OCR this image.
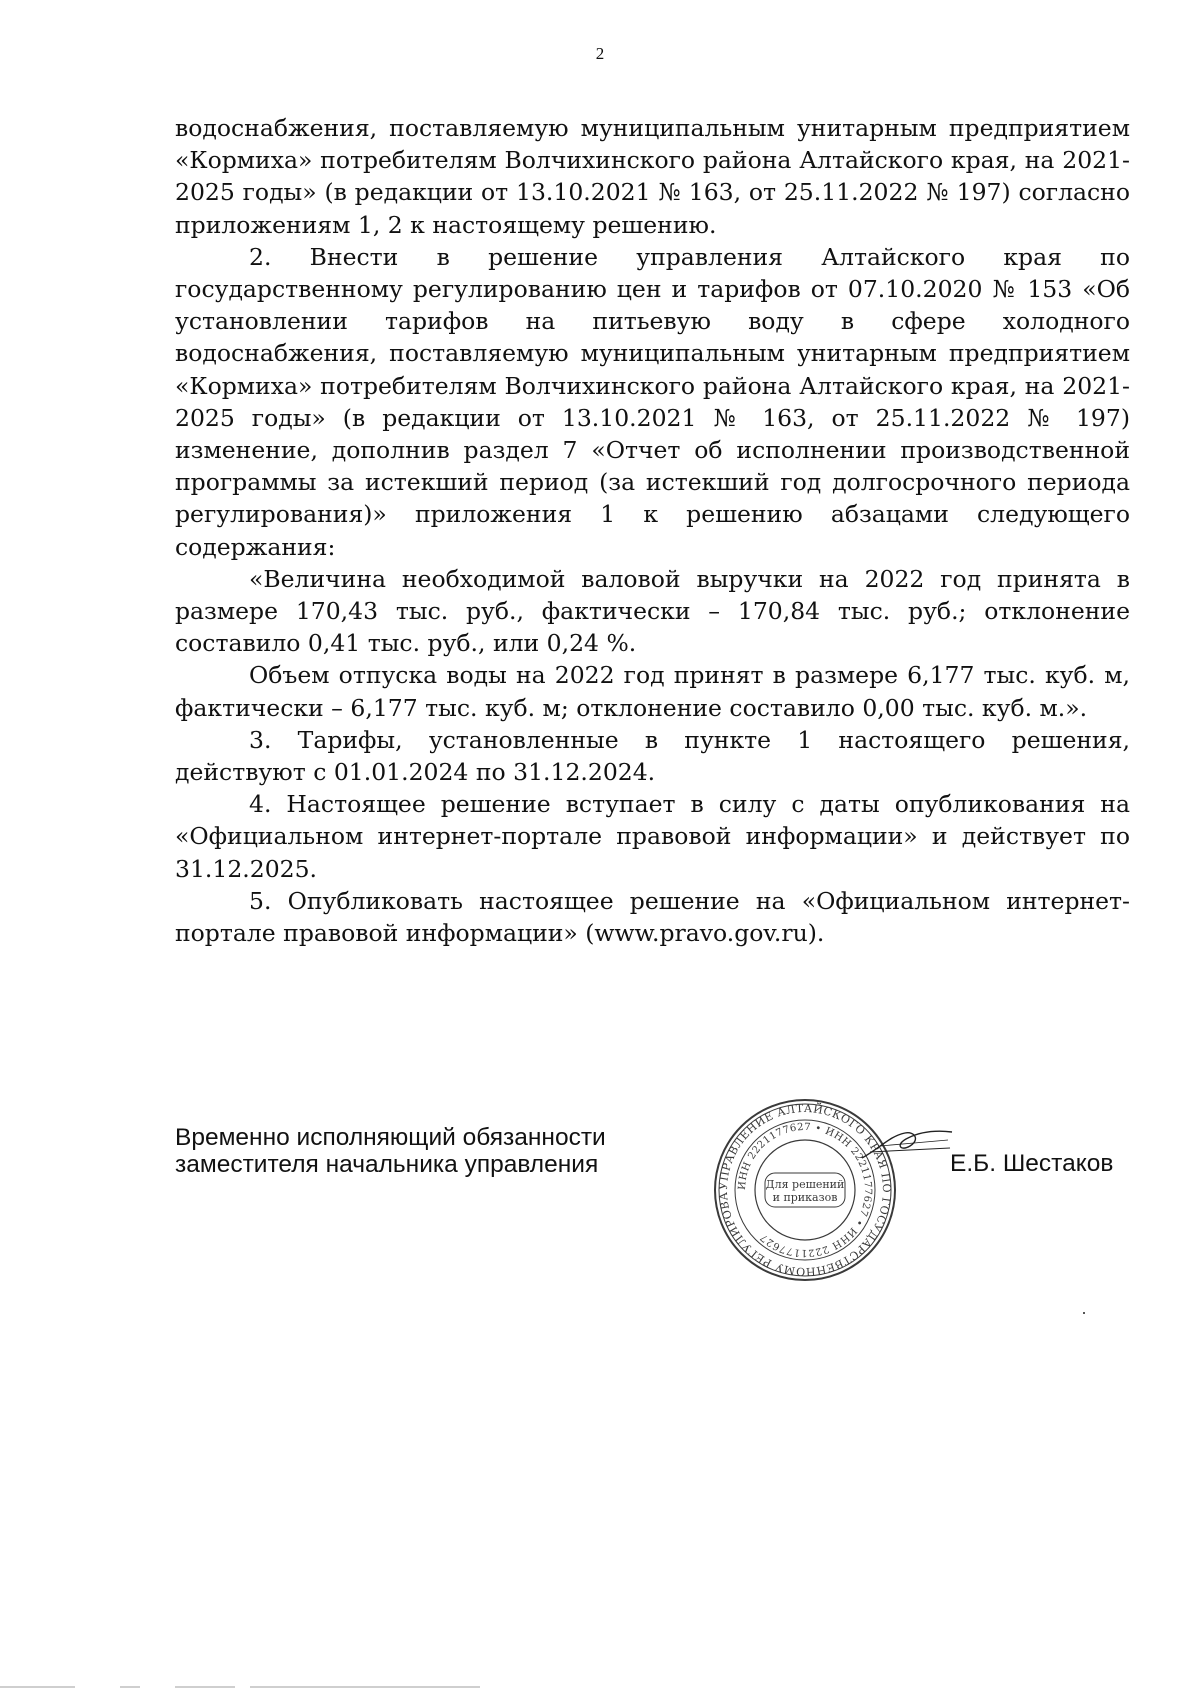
2

водоснабжения, поставляемую муниципальным унитарным предприятием «Кормиха» потребителям Волчихинского района Алтайского края, на 2021-2025 годы» (в редакции от 13.10.2021 № 163, от 25.11.2022 № 197) согласно приложениям 1, 2 к настоящему решению.

2. Внести в решение управления Алтайского края по государственному регулированию цен и тарифов от 07.10.2020 № 153 «Об установлении тарифов на питьевую воду в сфере холодного водоснабжения, поставляемую муниципальным унитарным предприятием «Кормиха» потребителям Волчихинского района Алтайского края, на 2021-2025 годы» (в редакции от 13.10.2021 № 163, от 25.11.2022 № 197) изменение, дополнив раздел 7 «Отчет об исполнении производственной программы за истекший период (за истекший год долгосрочного периода регулирования)» приложения 1 к решению абзацами следующего содержания:

«Величина необходимой валовой выручки на 2022 год принята в размере 170,43 тыс. руб., фактически – 170,84 тыс. руб.; отклонение составило 0,41 тыс. руб., или 0,24 %.

Объем отпуска воды на 2022 год принят в размере 6,177 тыс. куб. м, фактически – 6,177 тыс. куб. м; отклонение составило 0,00 тыс. куб. м.».

3. Тарифы, установленные в пункте 1 настоящего решения, действуют с 01.01.2024 по 31.12.2024.

4. Настоящее решение вступает в силу с даты опубликования на «Официальном интернет-портале правовой информации» и действует по 31.12.2025.

5. Опубликовать настоящее решение на «Официальном интернет-портале правовой информации» (www.pravo.gov.ru).

Временно исполняющий обязанности
заместителя начальника управления
УПРАВЛЕНИЕ АЛТАЙСКОГО КРАЯ ПО ГОСУДАРСТВЕННОМУ РЕГУЛИРОВА
ИНН 2221177627 • ИНН 2221177627 • ИНН 2221177627
Для решений
и приказов
Е.Б. Шестаков
